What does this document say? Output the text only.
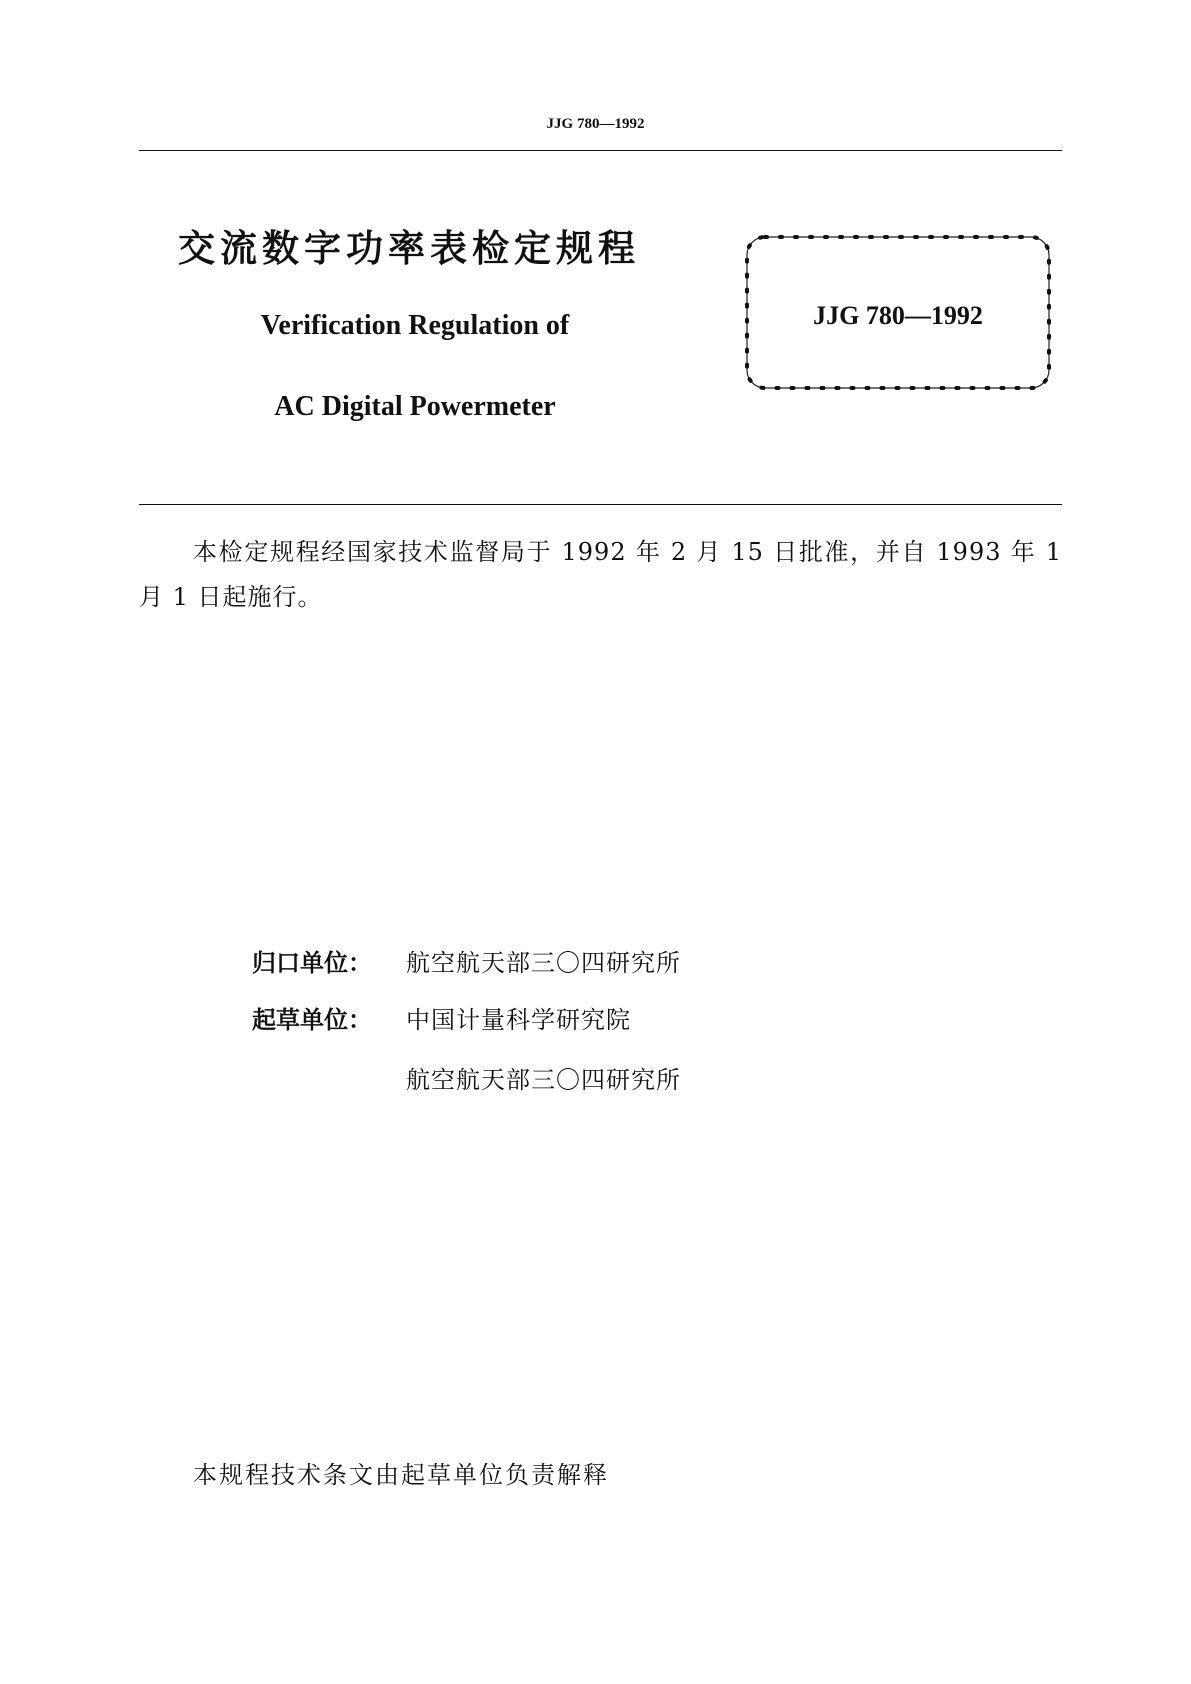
JJG 780—1992
交流数字功率表检定规程
Verification Regulation of
AC Digital Powermeter
JJG 780—1992
本检定规程经国家技术监督局于 1992 年 2 月 15 日批准，并自 1993 年 1 月 1 日起施行。
归口单位： 航空航天部三〇四研究所
起草单位： 中国计量科学研究院
航空航天部三〇四研究所
本规程技术条文由起草单位负责解释
